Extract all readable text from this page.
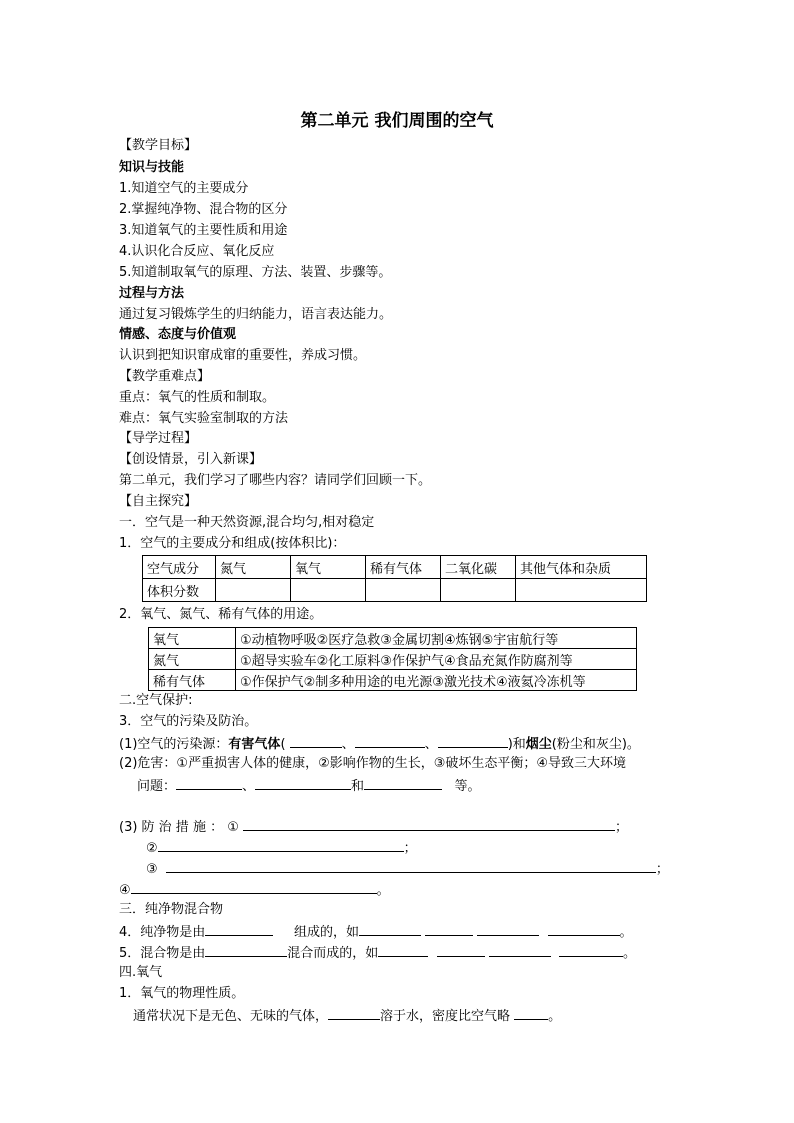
第二单元 我们周围的空气
【教学目标】
知识与技能
1.知道空气的主要成分
2.掌握纯净物、混合物的区分
3.知道氧气的主要性质和用途
4.认识化合反应、氧化反应
5.知道制取氧气的原理、方法、装置、步骤等。
过程与方法
通过复习锻炼学生的归纳能力，语言表达能力。
情感、态度与价值观
认识到把知识窜成窜的重要性，养成习惯。
【教学重难点】
重点：氧气的性质和制取。
难点：氧气实验室制取的方法
【导学过程】
【创设情景，引入新课】
第二单元，我们学习了哪些内容？请同学们回顾一下。
【自主探究】
一．空气是一种天然资源,混合均匀,相对稳定
1．空气的主要成分和组成(按体积比)：
空气成分	氮气	氧气	稀有气体	二氧化碳	其他气体和杂质
体积分数					
2．氧气、氮气、稀有气体的用途。
氧气	①动植物呼吸②医疗急救③金属切割④炼钢⑤宇宙航行等
氮气	①超导实验车②化工原料③作保护气④食品充氮作防腐剂等
稀有气体	①作保护气②制多种用途的电光源③激光技术④液氦冷冻机等
二.空气保护:
3．空气的污染及防治。
(1)空气的污染源：有害气体(	、	、	)和烟尘(粉尘和灰尘)。
(2)危害：①严重损害人体的健康，②影响作物的生长，③破坏生态平衡；④导致三大环境
问题：	、	和	等。
(3) 防 治 措 施 ： ①	；
②	；
③	；
④	。
三．纯净物混合物
4．纯净物是由	组成的，如	。
5．混合物是由	混合而成的，如	。
四.氧气
1．氧气的物理性质。
通常状况下是无色、无味的气体，	溶于水，密度比空气略	。
